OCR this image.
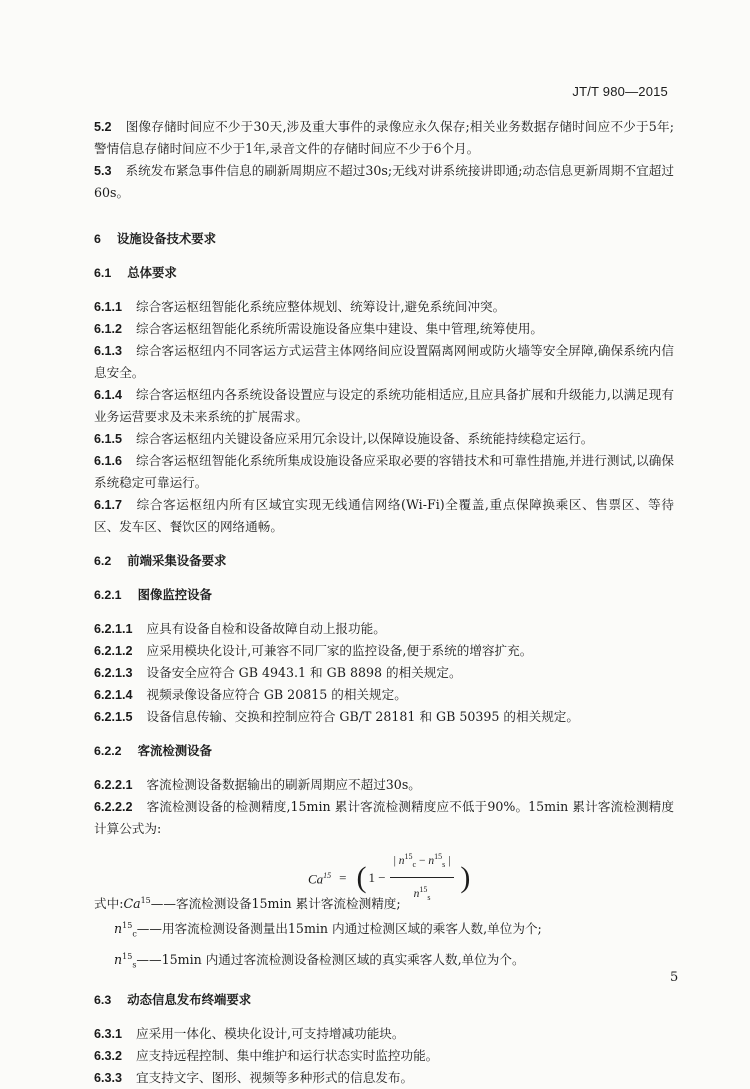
JT/T 980—2015

5.2 图像存储时间应不少于30天,涉及重大事件的录像应永久保存;相关业务数据存储时间应不少于5年;警情信息存储时间应不少于1年,录音文件的存储时间应不少于6个月。

5.3 系统发布紧急事件信息的刷新周期应不超过30s;无线对讲系统接讲即通;动态信息更新周期不宜超过60s。

6 设施设备技术要求

6.1 总体要求

6.1.1 综合客运枢纽智能化系统应整体规划、统筹设计,避免系统间冲突。

6.1.2 综合客运枢纽智能化系统所需设施设备应集中建设、集中管理,统筹使用。

6.1.3 综合客运枢纽内不同客运方式运营主体网络间应设置隔离网闸或防火墙等安全屏障,确保系统内信息安全。

6.1.4 综合客运枢纽内各系统设备设置应与设定的系统功能相适应,且应具备扩展和升级能力,以满足现有业务运营要求及未来系统的扩展需求。

6.1.5 综合客运枢纽内关键设备应采用冗余设计,以保障设施设备、系统能持续稳定运行。

6.1.6 综合客运枢纽智能化系统所集成设施设备应采取必要的容错技术和可靠性措施,并进行测试,以确保系统稳定可靠运行。

6.1.7 综合客运枢纽内所有区域宜实现无线通信网络(Wi-Fi)全覆盖,重点保障换乘区、售票区、等待区、发车区、餐饮区的网络通畅。

6.2 前端采集设备要求

6.2.1 图像监控设备

6.2.1.1 应具有设备自检和设备故障自动上报功能。

6.2.1.2 应采用模块化设计,可兼容不同厂家的监控设备,便于系统的增容扩充。

6.2.1.3 设备安全应符合 GB 4943.1 和 GB 8898 的相关规定。

6.2.1.4 视频录像设备应符合 GB 20815 的相关规定。

6.2.1.5 设备信息传输、交换和控制应符合 GB/T 28181 和 GB 50395 的相关规定。

6.2.2 客流检测设备

6.2.2.1 客流检测设备数据输出的刷新周期应不超过30s。

6.2.2.2 客流检测设备的检测精度,15min 累计客流检测精度应不低于90%。15min 累计客流检测精度计算公式为:

$Ca^{15}$ = ( $1 - \frac{| n^{15}_c - n^{15}_s |}{n^{15}_s}$ )

式中:Ca$^{15}$——客流检测设备15min 累计客流检测精度;

$n^{15}_c——$用客流检测设备测量出15min 内通过检测区域的乘客人数,单位为个;

$n^{15}_s——15\min$ 内通过客流检测设备检测区域的真实乘客人数,单位为个。

6.3 动态信息发布终端要求

6.3.1 应采用一体化、模块化设计,可支持增减功能块。

6.3.2 应支持远程控制、集中维护和运行状态实时监控功能。

6.3.3 宜支持文字、图形、视频等多种形式的信息发布。

5
